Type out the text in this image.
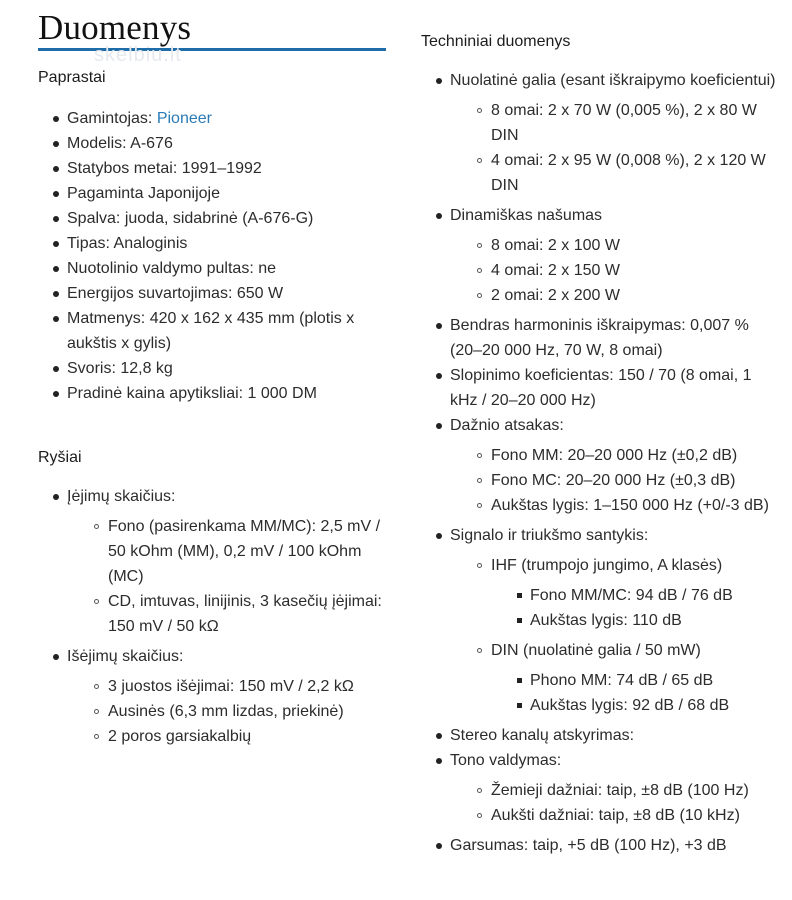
Duomenys
skelbiu.lt
Paprastai
Gamintojas: Pioneer
Modelis: A-676
Statybos metai: 1991–1992
Pagaminta Japonijoje
Spalva: juoda, sidabrinė (A-676-G)
Tipas: Analoginis
Nuotolinio valdymo pultas: ne
Energijos suvartojimas: 650 W
Matmenys: 420 x 162 x 435 mm (plotis x aukštis x gylis)
Svoris: 12,8 kg
Pradinė kaina apytiksliai: 1 000 DM
Ryšiai
Įėjimų skaičius:
Fono (pasirenkama MM/MC): 2,5 mV / 50 kOhm (MM), 0,2 mV / 100 kOhm (MC)
CD, imtuvas, linijinis, 3 kasečių įėjimai: 150 mV / 50 kΩ
Išėjimų skaičius:
3 juostos išėjimai: 150 mV / 2,2 kΩ
Ausinės (6,3 mm lizdas, priekinė)
2 poros garsiakalbių
Techniniai duomenys
Nuolatinė galia (esant iškraipymo koeficientui)
8 omai: 2 x 70 W (0,005 %), 2 x 80 W DIN
4 omai: 2 x 95 W (0,008 %), 2 x 120 W DIN
Dinamiškas našumas
8 omai: 2 x 100 W
4 omai: 2 x 150 W
2 omai: 2 x 200 W
Bendras harmoninis iškraipymas: 0,007 % (20–20 000 Hz, 70 W, 8 omai)
Slopinimo koeficientas: 150 / 70 (8 omai, 1 kHz / 20–20 000 Hz)
Dažnio atsakas:
Fono MM: 20–20 000 Hz (±0,2 dB)
Fono MC: 20–20 000 Hz (±0,3 dB)
Aukštas lygis: 1–150 000 Hz (+0/-3 dB)
Signalo ir triukšmo santykis:
IHF (trumpojo jungimo, A klasės)
Fono MM/MC: 94 dB / 76 dB
Aukštas lygis: 110 dB
DIN (nuolatinė galia / 50 mW)
Phono MM: 74 dB / 65 dB
Aukštas lygis: 92 dB / 68 dB
Stereo kanalų atskyrimas:
Tono valdymas:
Žemieji dažniai: taip, ±8 dB (100 Hz)
Aukšti dažniai: taip, ±8 dB (10 kHz)
Garsumas: taip, +5 dB (100 Hz), +3 dB
